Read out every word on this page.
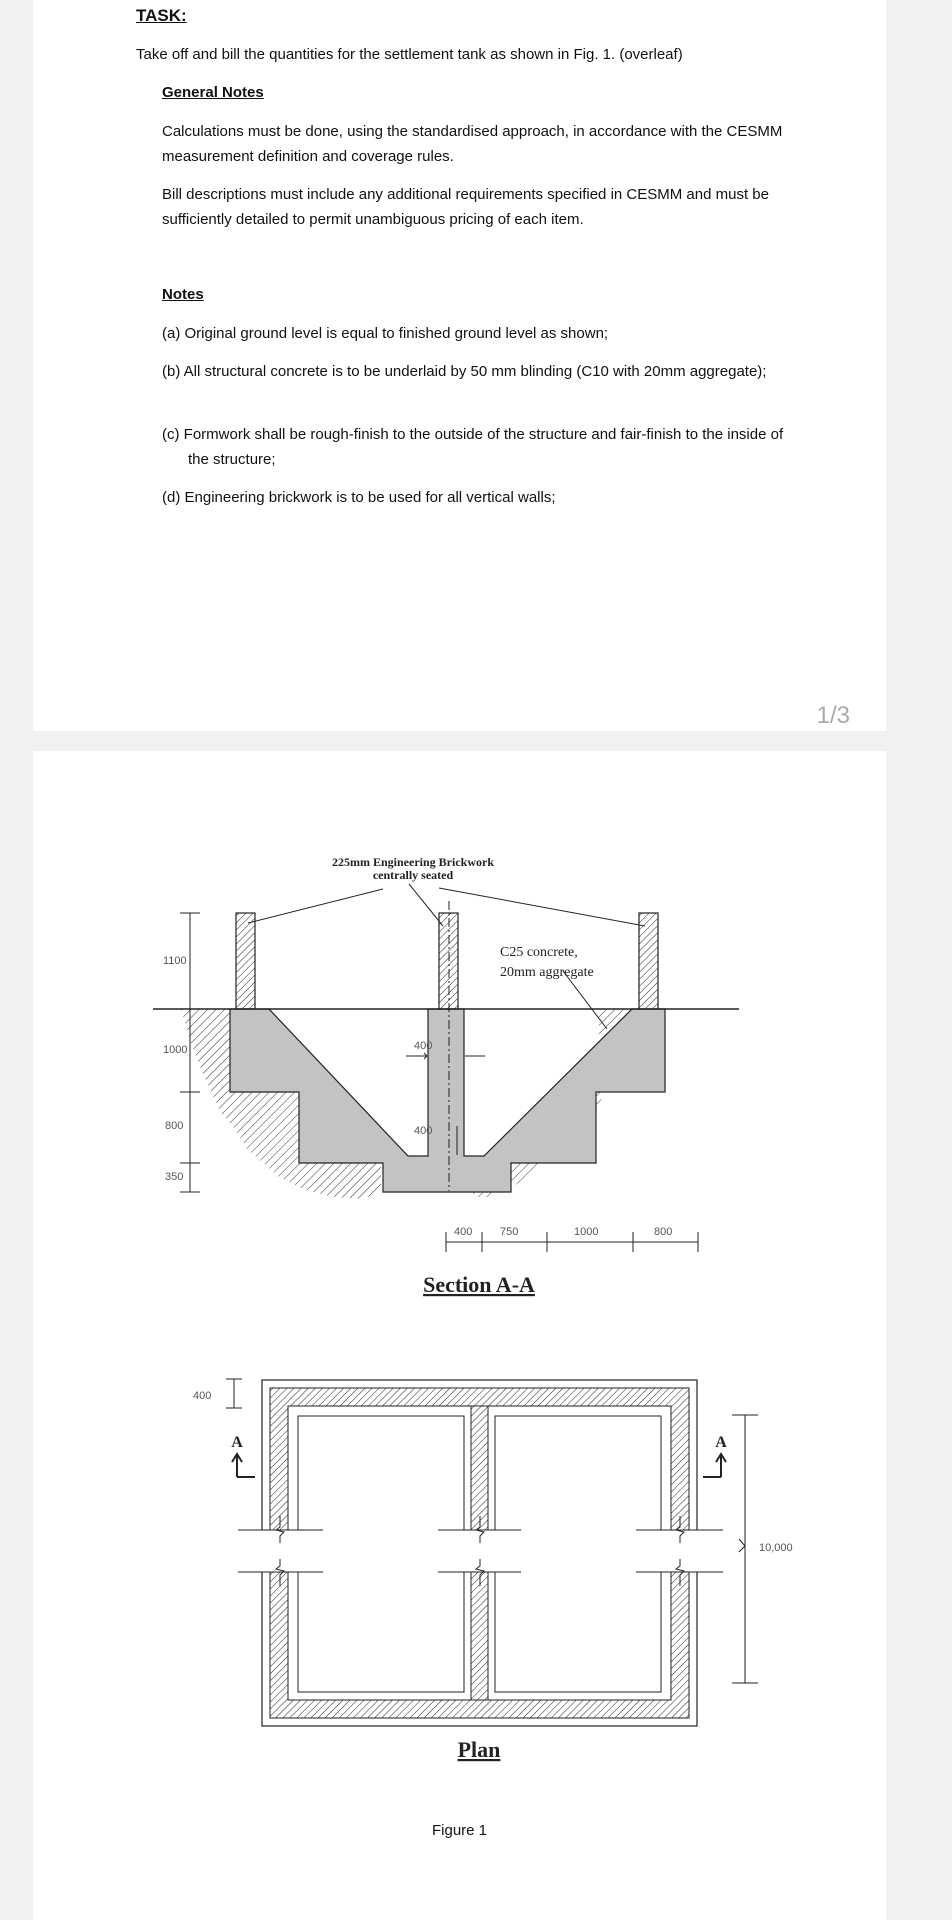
TASK:
Take off and bill the quantities for the settlement tank as shown in Fig. 1. (overleaf)
General Notes
Calculations must be done, using the standardised approach, in accordance with the CESMM measurement definition and coverage rules.
Bill descriptions must include any additional requirements specified in CESMM and must be sufficiently detailed to permit unambiguous pricing of each item.
Notes
(a) Original ground level is equal to finished ground level as shown;
(b) All structural concrete is to be underlaid by 50 mm blinding (C10 with 20mm aggregate);
(c) Formwork shall be rough-finish to the outside of the structure and fair-finish to the inside of the structure;
(d) Engineering brickwork is to be used for all vertical walls;
1/3
225mm Engineering Brickwork
centrally seated
C25 concrete,
20mm aggregate
1100
1000
800
350
400
400
400	750	1000	800
Section A-A
400
10,000
A	A
Plan
Figure 1
